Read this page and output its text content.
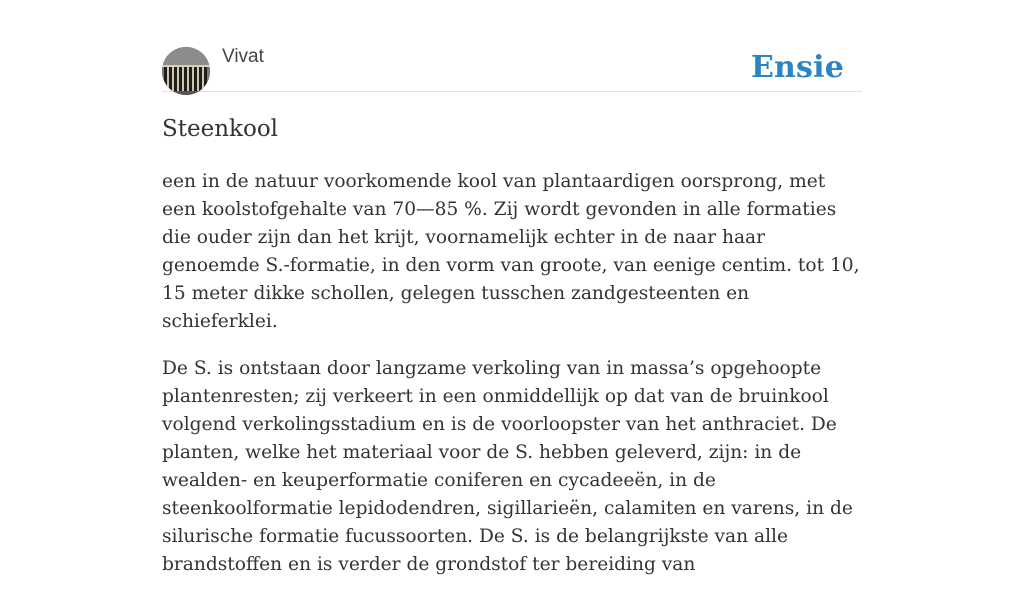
Vivat	Ensie
Steenkool

een in de natuur voorkomende kool van plantaardigen oorsprong, met een koolstofgehalte van 70—85 %. Zij wordt gevonden in alle formaties die ouder zijn dan het krijt, voornamelijk echter in de naar haar genoemde S.-formatie, in den vorm van groote, van eenige centim. tot 10, 15 meter dikke schollen, gelegen tusschen zandgesteenten en schieferklei.

De S. is ontstaan door langzame verkoling van in massa’s opgehoopte plantenresten; zij verkeert in een onmiddellijk op dat van de bruinkool volgend verkolingsstadium en is de voorloopster van het anthraciet. De planten, welke het materiaal voor de S. hebben geleverd, zijn: in de wealden- en keuperformatie coniferen en cycadeeën, in de steenkoolformatie lepidodendren, sigillarieën, calamiten en varens, in de silurische formatie fucussoorten. De S. is de belangrijkste van alle brandstoffen en is verder de grondstof ter bereiding van
